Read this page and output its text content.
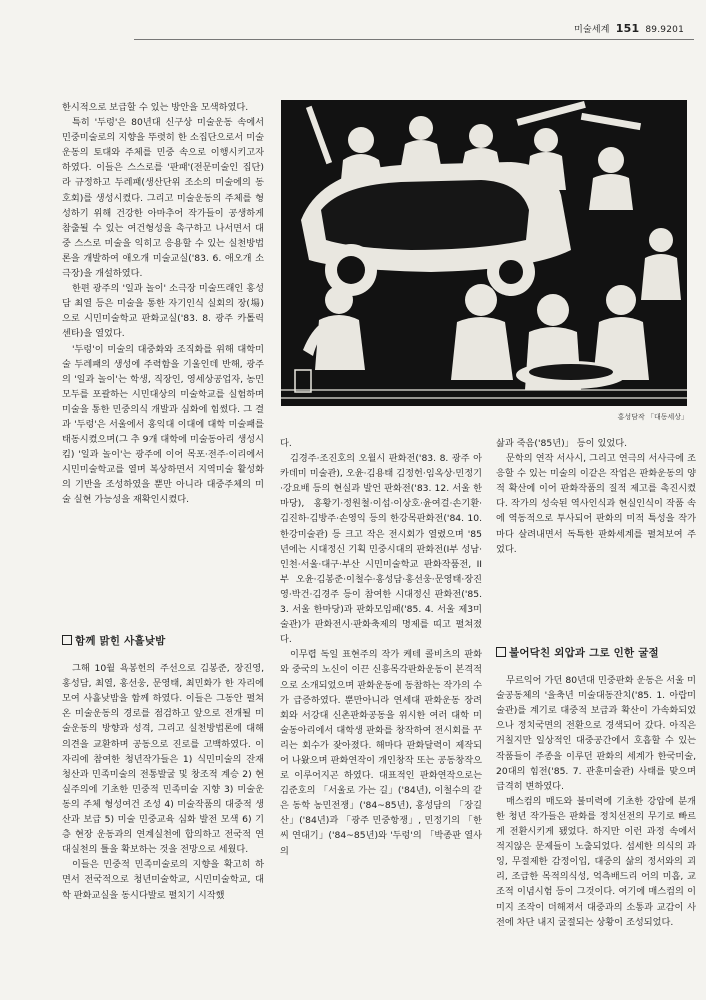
미술세계 151 89.9201

한시적으로 보급할 수 있는 방안을 모색하였다.

특히 '두렁'은 80년대 신구상 미술운동 속에서 민중미술로의 지향을 뚜렷히 한 소집단으로서 미술운동의 토대와 주체를 민중 속으로 이행시키고자 하였다. 이들은 스스로를 '판패'(전문미술인 집단)라 규정하고 두레패(생산단위 조소의 미술에의 동호회)를 생성시켰다. 그리고 미술운동의 주체를 형성하기 위해 건강한 아마추어 작가들이 공생하게 참출될 수 있는 여건형성을 촉구하고 나서면서 대중 스스로 미술을 익히고 응용할 수 있는 실천방법론을 개발하여 애오개 미술교실('83. 6. 애오개 소극장)을 개설하였다.

한편 광주의 '일과 놀이' 소극장 미술뜨래인 홍성담 최열 등은 미술을 통한 자기인식 실회의 장(場)으로 시민미술학교 판화교실('83. 8. 광주 카톨릭 센타)을 열었다.

'두렁'이 미술의 대중화와 조직화를 위해 대학미술 두레패의 생성에 주력함을 기울인데 반해, 광주의 '일과 놀이'는 학생, 직장인, 영세상공업자, 농민 모두를 포괄하는 시민대상의 미술학교를 실험하며 미술을 통한 민중의식 개발과 심화에 힘썼다. 그 결과 '두렁'은 서울에서 홍익대 이대에 대학 미술패를 태동시켰으며(그 추 9개 대학에 미술동아리 생성시킴) '일과 놀이'는 광주에 이어 목포·전주·이리에서 시민미술학교를 열며 복상하면서 지역미술 활성화의 기반을 조성하였을 뿐만 아니라 대중주체의 미술 실현 가능성을 재확인시켰다.

함께 맑힌 사흘낮밤

그해 10월 욕봉헌의 주선으로 김봉준, 장진영, 홍성담, 최열, 홍선웅, 문영태, 최민화가 한 자리에 모여 사흘낮밤을 함께 하였다. 이들은 그동안 펼쳐온 미술운동의 경로를 점검하고 앞으로 전개될 미술운동의 방향과 성격, 그리고 실천방법론에 대해 의견을 교환하며 공동으로 진로를 고백하였다. 이 자리에 참여한 청년작가들은 1) 식민미술의 잔재 청산과 민족미술의 전통발굴 및 창조적 계승 2) 현실주의에 기초한 민중적 민족미술 지향 3) 미술운동의 주체 형성여건 조성 4) 미술작품의 대중적 생산과 보급 5) 미술 민중교육 심화 발전 모색 6) 기층 현장 운동과의 연계실천에 합의하고 전국적 연대실천의 틀을 확보하는 것을 전망으로 세웠다.

이들은 민중적 민족미술로의 지향을 확고히 하면서 전국적으로 청년미술학교, 시민미술학교, 대학 판화교실을 동시다발로 펼치기 시작했

홍성담작 「대동세상」

다.

김경주·조진호의 오월시 판화전('83. 8. 광주 아카데미 미술관), 오윤·김용태 김정헌·임옥상·민정기·강요배 등의 현실과 발언 판화전('83. 12. 서울 한마당), 홍황기·정원철·이섭·이상호·윤여걸·손기환·김진하·김방주·손영익 등의 한강목판화전('84. 10. 한강미술관) 등 크고 작은 전시회가 열렸으며 '85년에는 시대정신 기획 민중시대의 판화전(I부 성남·인천·서울·대구·부산 시민미술학교 판화작품전, II부 오윤·김봉준·이철수·홍성담·홍선웅·문영태·장진영·박건·김경주 등이 참여한 시대정신 판화전('85. 3. 서울 한마당)과 판화모임패('85. 4. 서울 제3미술관)가 판화전시·판화축제의 명제를 띠고 펼쳐졌다.

이무렵 독일 표현주의 작가 케테 콜비츠의 판화와 중국의 노신이 이끈 신흥목각판화운동이 본격적으로 소개되었으며 판화운동에 동참하는 작가의 수가 급증하였다. 뿐만아니라 연세대 판화운동 장려회와 서강대 신촌판화공동을 위시한 여러 대학 미술동아리에서 대학생 판화를 창작하여 전시회를 꾸리는 회수가 잦아졌다. 해마다 판화달력이 제작되어 나왔으며 판화연작이 개인창작 또는 공동창작으로 이루어지곤 하였다. 대표적인 판화연작으로는 김준호의 「서울로 가는 길」('84년), 이철수의 같은 동학 농민전쟁」('84~85년), 홍성담의 「장길산」('84년)과 「광주 민중항쟁」, 민정기의 「한씨 연대기」('84~85년)와 '두렁'의 「박종판 열사의

삶과 죽음('85년)」 등이 있었다.

문학의 연작 서사시, 그리고 연극의 서사극에 조응할 수 있는 미술의 이같은 작업은 판화운동의 양적 확산에 이어 판화작품의 질적 제고를 촉진시켰다. 작가의 성숙된 역사인식과 현실인식이 작품 속에 역동적으로 투사되어 판화의 미적 특성을 작가마다 살려내면서 독특한 판화세계를 펼쳐보여 주었다.

불어닥친 외압과 그로 인한 굴절

무르익어 가던 80년대 민중판화 운동은 서울 미술공동체의 '을축년 미술대동잔치('85. 1. 아랍미술관)를 계기로 대중적 보급과 확산이 가속화되었으나 정치국면의 전환으로 경색되어 갔다. 아직은 거칠지만 일상적인 대중공간에서 호흡할 수 있는 작품들이 주종을 이루던 판화의 세계가 한국미술, 20대의 힘전('85. 7. 관훈미술관) 사태를 맞으며 급격히 변하였다.

매스컴의 매도와 불미력에 기초한 강압에 분개한 청년 작가들은 판화를 정치선전의 무기로 빠르게 전환시키게 됐었다. 하지만 이런 과정 속에서 적지않은 문제들이 노출되었다. 섬세한 의식의 과잉, 무절제한 감정이입, 대중의 삶의 정서와의 괴리, 조급한 목적의식성, 억측배드리 어의 미흡, 교조적 이념시험 등이 그것이다. 여기에 매스컴의 이미지 조작이 더해져서 대중과의 소통과 교감이 사전에 차단 내지 굴절되는 상황이 조성되었다.
